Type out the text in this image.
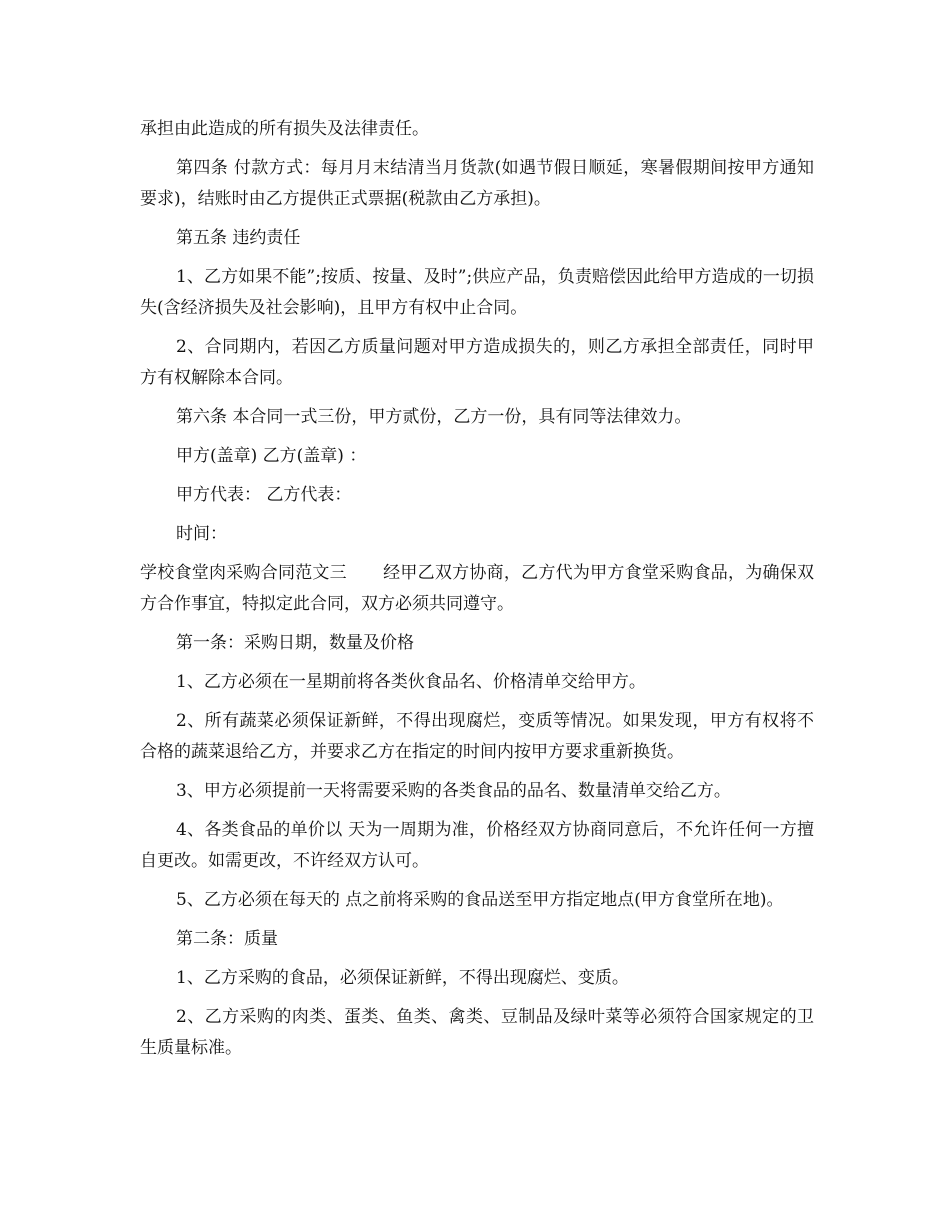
承担由此造成的所有损失及法律责任。

第四条 付款方式：每月月末结清当月货款(如遇节假日顺延，寒暑假期间按甲方通知要求)，结账时由乙方提供正式票据(税款由乙方承担)。

第五条 违约责任

1、乙方如果不能”;按质、按量、及时”;供应产品，负责赔偿因此给甲方造成的一切损失(含经济损失及社会影响)，且甲方有权中止合同。

2、合同期内，若因乙方质量问题对甲方造成损失的，则乙方承担全部责任，同时甲方有权解除本合同。

第六条 本合同一式三份，甲方贰份，乙方一份，具有同等法律效力。

甲方(盖章) 乙方(盖章) ：

甲方代表： 乙方代表：

时间：

学校食堂肉采购合同范文三 经甲乙双方协商，乙方代为甲方食堂采购食品，为确保双方合作事宜，特拟定此合同，双方必须共同遵守。

第一条：采购日期，数量及价格

1、乙方必须在一星期前将各类伙食品名、价格清单交给甲方。

2、所有蔬菜必须保证新鲜，不得出现腐烂，变质等情况。如果发现，甲方有权将不合格的蔬菜退给乙方，并要求乙方在指定的时间内按甲方要求重新换货。

3、甲方必须提前一天将需要采购的各类食品的品名、数量清单交给乙方。

4、各类食品的单价以 天为一周期为准，价格经双方协商同意后，不允许任何一方擅自更改。如需更改，不许经双方认可。

5、乙方必须在每天的 点之前将采购的食品送至甲方指定地点(甲方食堂所在地)。

第二条：质量

1、乙方采购的食品，必须保证新鲜，不得出现腐烂、变质。

2、乙方采购的肉类、蛋类、鱼类、禽类、豆制品及绿叶菜等必须符合国家规定的卫生质量标准。
